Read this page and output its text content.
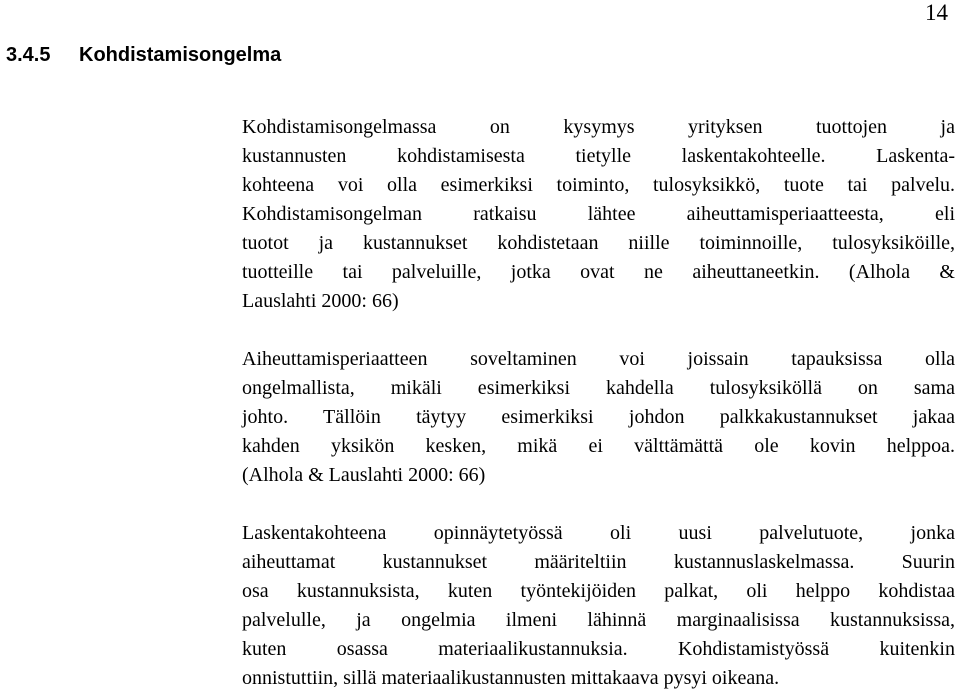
14
3.4.5 Kohdistamisongelma
Kohdistamisongelmassa on kysymys yrityksen tuottojen ja
kustannusten kohdistamisesta tietylle laskentakohteelle. Laskenta-
kohteena voi olla esimerkiksi toiminto, tulosyksikkö, tuote tai palvelu.
Kohdistamisongelman ratkaisu lähtee aiheuttamisperiaatteesta, eli
tuotot ja kustannukset kohdistetaan niille toiminnoille, tulosyksiköille,
tuotteille tai palveluille, jotka ovat ne aiheuttaneetkin. (Alhola &
Lauslahti 2000: 66)
Aiheuttamisperiaatteen soveltaminen voi joissain tapauksissa olla
ongelmallista, mikäli esimerkiksi kahdella tulosyksiköllä on sama
johto. Tällöin täytyy esimerkiksi johdon palkkakustannukset jakaa
kahden yksikön kesken, mikä ei välttämättä ole kovin helppoa.
(Alhola & Lauslahti 2000: 66)
Laskentakohteena opinnäytetyössä oli uusi palvelutuote, jonka
aiheuttamat kustannukset määriteltiin kustannuslaskelmassa. Suurin
osa kustannuksista, kuten työntekijöiden palkat, oli helppo kohdistaa
palvelulle, ja ongelmia ilmeni lähinnä marginaalisissa kustannuksissa,
kuten osassa materiaalikustannuksia. Kohdistamistyössä kuitenkin
onnistuttiin, sillä materiaalikustannusten mittakaava pysyi oikeana.
